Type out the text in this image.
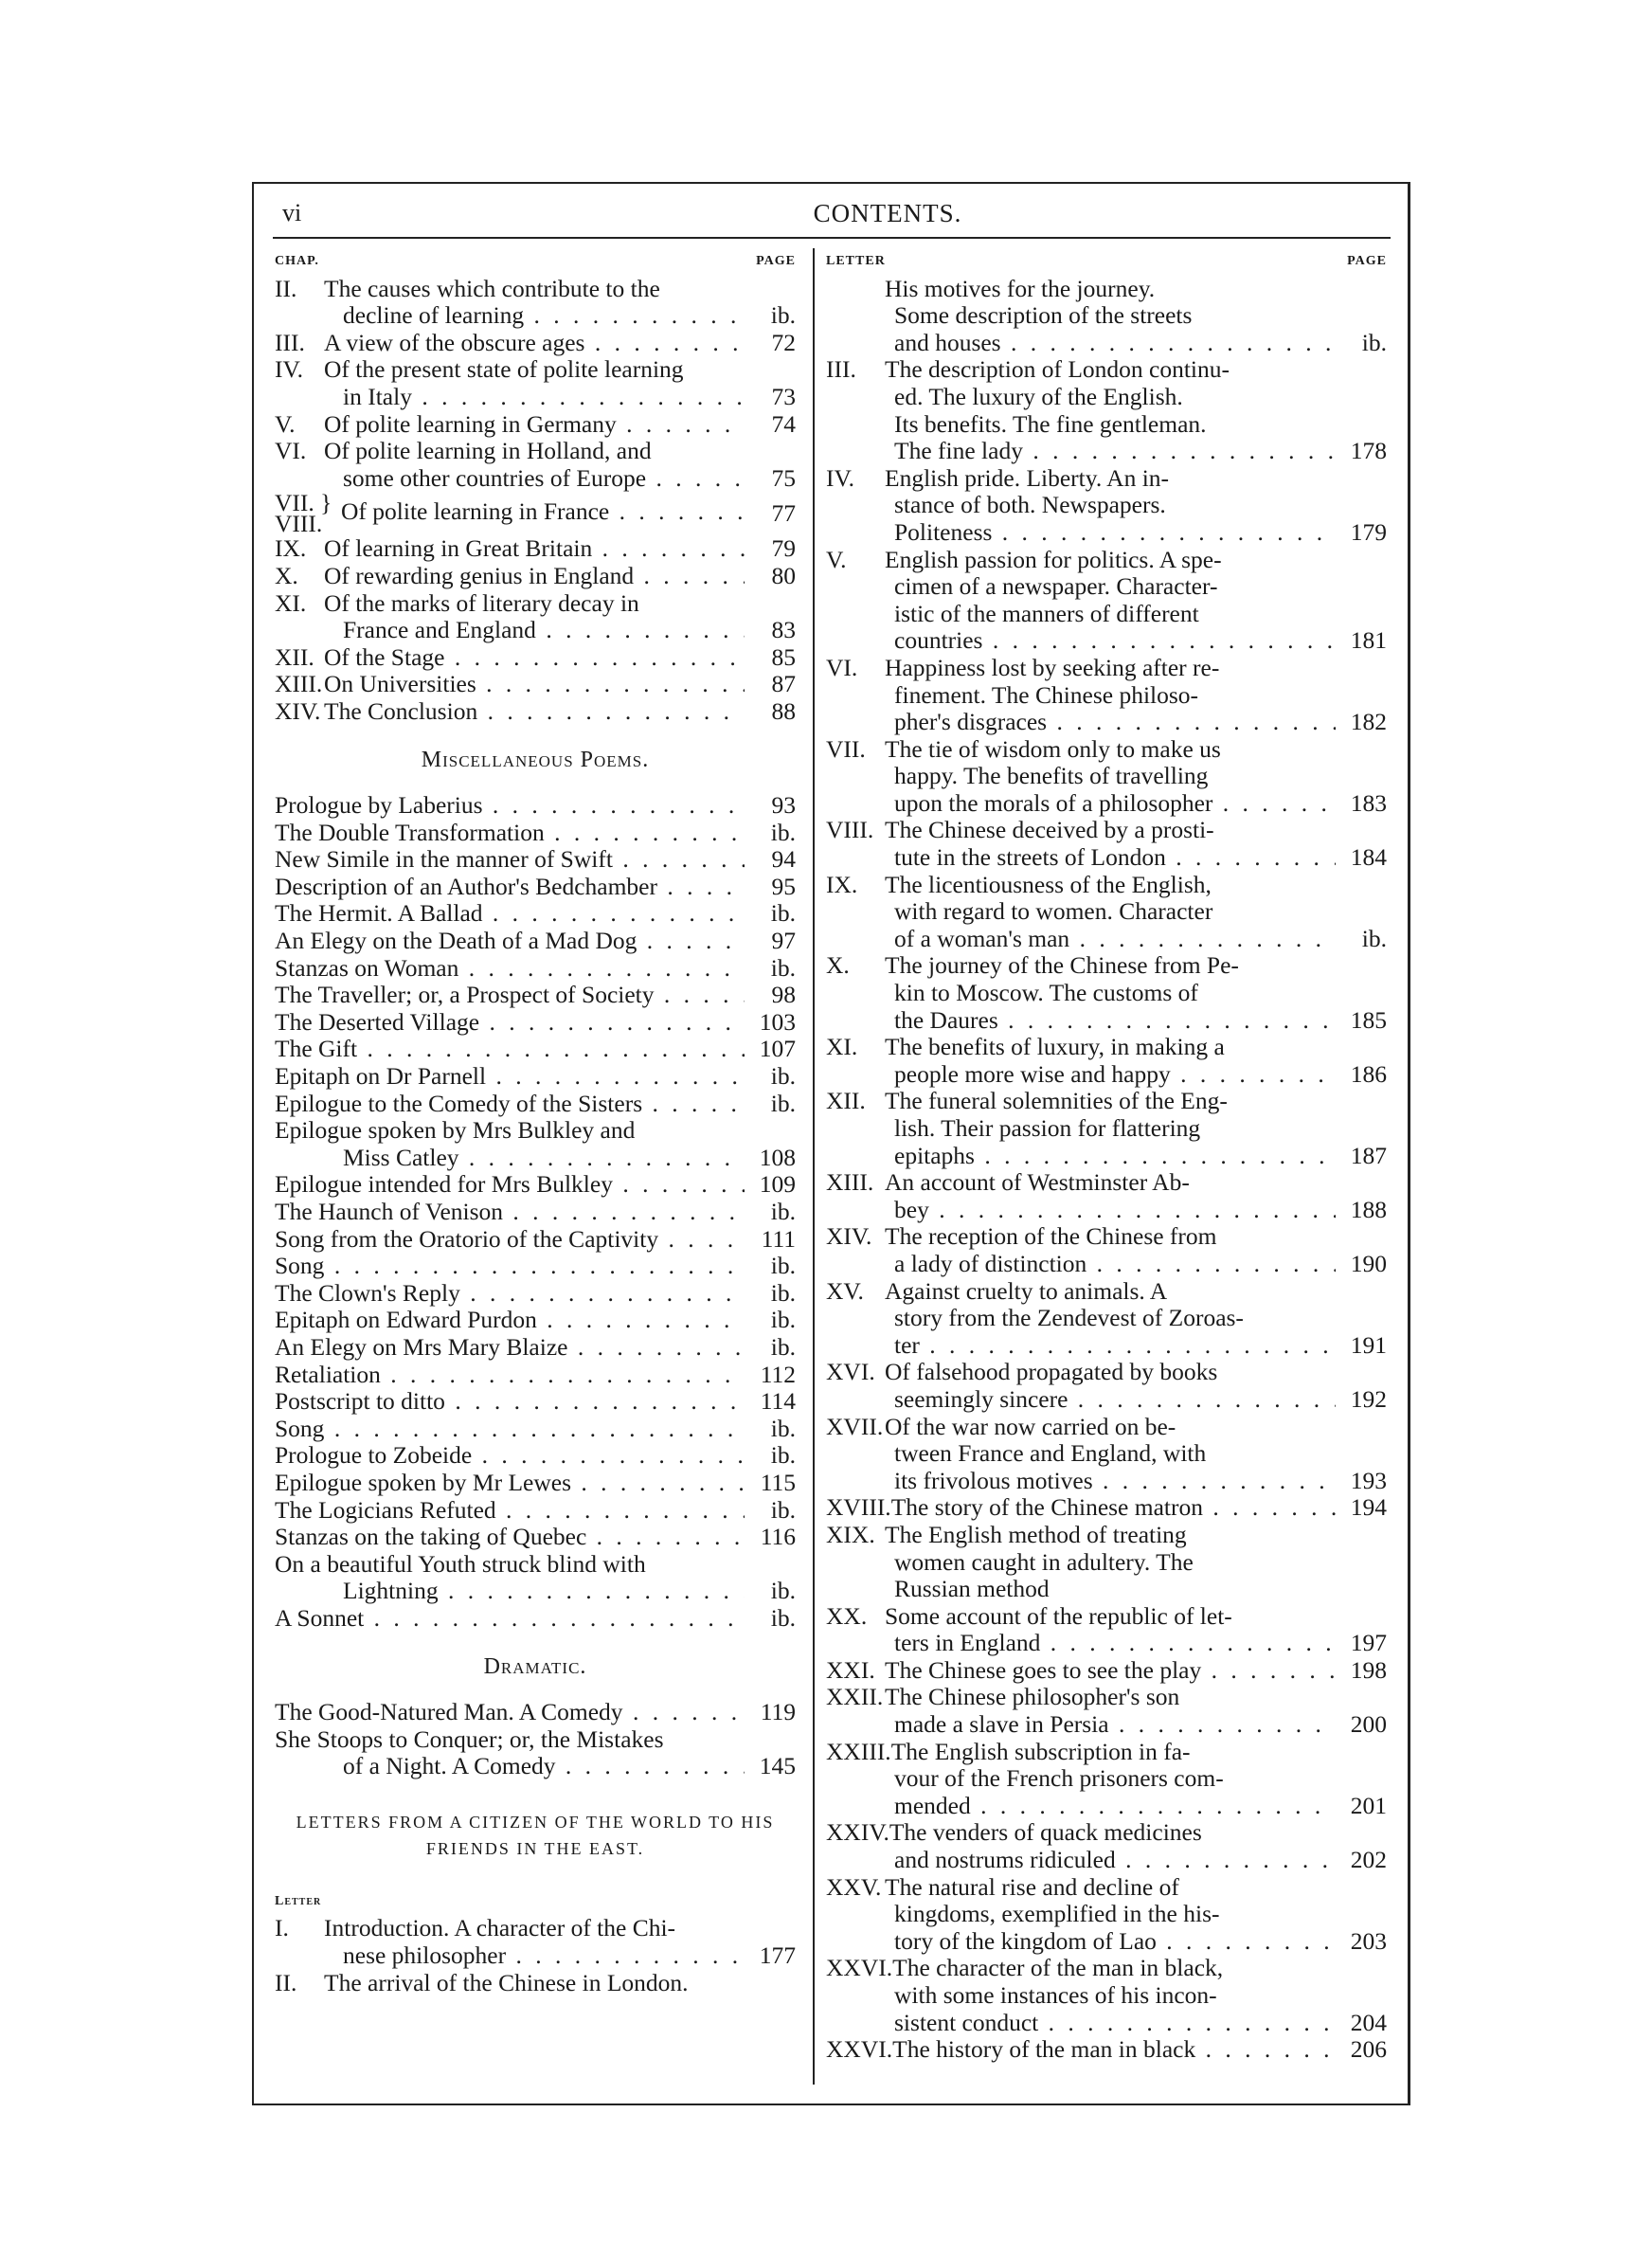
vi	CONTENTS.
CHAP.	PAGE
II. The causes which contribute to the
decline of learning . . .	ib.
III. A view of the obscure ages . . .	72
IV. Of the present state of polite learning
in Italy . . .	73
V. Of polite learning in Germany . . .	74
VI. Of polite learning in Holland, and
some other countries of Europe . . .	75
VII. }
VIII. Of polite learning in France . . .	77
IX. Of learning in Great Britain . . .	79
X. Of rewarding genius in England . . .	80
XI. Of the marks of literary decay in
France and England . . .	83
XII. Of the Stage . . .	85
XIII.On Universities . . .	87
XIV. The Conclusion . . .	88
Miscellaneous Poems.
Prologue by Laberius . . .	93
The Double Transformation . . .	ib.
New Simile in the manner of Swift . . .	94
Description of an Author's Bedchamber . . .	95
The Hermit. A Ballad . . .	ib.
An Elegy on the Death of a Mad Dog . . .	97
Stanzas on Woman . . .	ib.
The Traveller; or, a Prospect of Society . . .	98
The Deserted Village . . .	103
The Gift . . .	107
Epitaph on Dr Parnell . . .	ib.
Epilogue to the Comedy of the Sisters . . .	ib.
Epilogue spoken by Mrs Bulkley and
Miss Catley . . .	108
Epilogue intended for Mrs Bulkley . . .	109
The Haunch of Venison . . .	ib.
Song from the Oratorio of the Captivity . . .	111
Song . . .	ib.
The Clown's Reply . . .	ib.
Epitaph on Edward Purdon . . .	ib.
An Elegy on Mrs Mary Blaize . . .	ib.
Retaliation . . .	112
Postscript to ditto . . .	114
Song . . .	ib.
Prologue to Zobeide . . .	ib.
Epilogue spoken by Mr Lewes . . .	115
The Logicians Refuted . . .	ib.
Stanzas on the taking of Quebec . . .	116
On a beautiful Youth struck blind with
Lightning . . .	ib.
A Sonnet . . .	ib.
Dramatic.
The Good-Natured Man. A Comedy . . .	119
She Stoops to Conquer; or, the Mistakes
of a Night. A Comedy . . .	145
LETTERS FROM A CITIZEN OF THE WORLD TO HIS FRIENDS IN THE EAST.
Letter
I. Introduction. A character of the Chi-
nese philosopher . . .	177
II. The arrival of the Chinese in London.
LETTER	PAGE
His motives for the journey.
Some description of the streets
and houses . . .	ib.
III. The description of London continu-
ed. The luxury of the English.
Its benefits. The fine gentleman.
The fine lady . . .	178
IV. English pride. Liberty. An in-
stance of both. Newspapers.
Politeness . . .	179
V. English passion for politics. A spe-
cimen of a newspaper. Character-
istic of the manners of different
countries . . .	181
VI. Happiness lost by seeking after re-
finement. The Chinese philoso-
pher's disgraces . . .	182
VII. The tie of wisdom only to make us
happy. The benefits of travelling
upon the morals of a philosopher . . .	183
VIII. The Chinese deceived by a prosti-
tute in the streets of London . . .	184
IX. The licentiousness of the English,
with regard to women. Character
of a woman's man . . .	ib.
X. The journey of the Chinese from Pe-
kin to Moscow. The customs of
the Daures . . .	185
XI. The benefits of luxury, in making a
people more wise and happy . . .	186
XII. The funeral solemnities of the Eng-
lish. Their passion for flattering
epitaphs . . .	187
XIII. An account of Westminster Ab-
bey . . .	188
XIV. The reception of the Chinese from
a lady of distinction . . .	190
XV. Against cruelty to animals. A
story from the Zendevest of Zoroas-
ter . . .	191
XVI. Of falsehood propagated by books
seemingly sincere . . .	192
XVII.Of the war now carried on be-
tween France and England, with
its frivolous motives . . .	193
XVIII.The story of the Chinese matron . . .	194
XIX. The English method of treating
women caught in adultery. The
Russian method
XX. Some account of the republic of let-
ters in England . . .	197
XXI. The Chinese goes to see the play . . .	198
XXII.The Chinese philosopher's son
made a slave in Persia . . .	200
XXIII.The English subscription in fa-
vour of the French prisoners com-
mended . . .	201
XXIV.The venders of quack medicines
and nostrums ridiculed . . .	202
XXV. The natural rise and decline of
kingdoms, exemplified in the his-
tory of the kingdom of Lao . . .	203
XXVI.The character of the man in black,
with some instances of his incon-
sistent conduct . . .	204
XXVI.The history of the man in black . . .	206
